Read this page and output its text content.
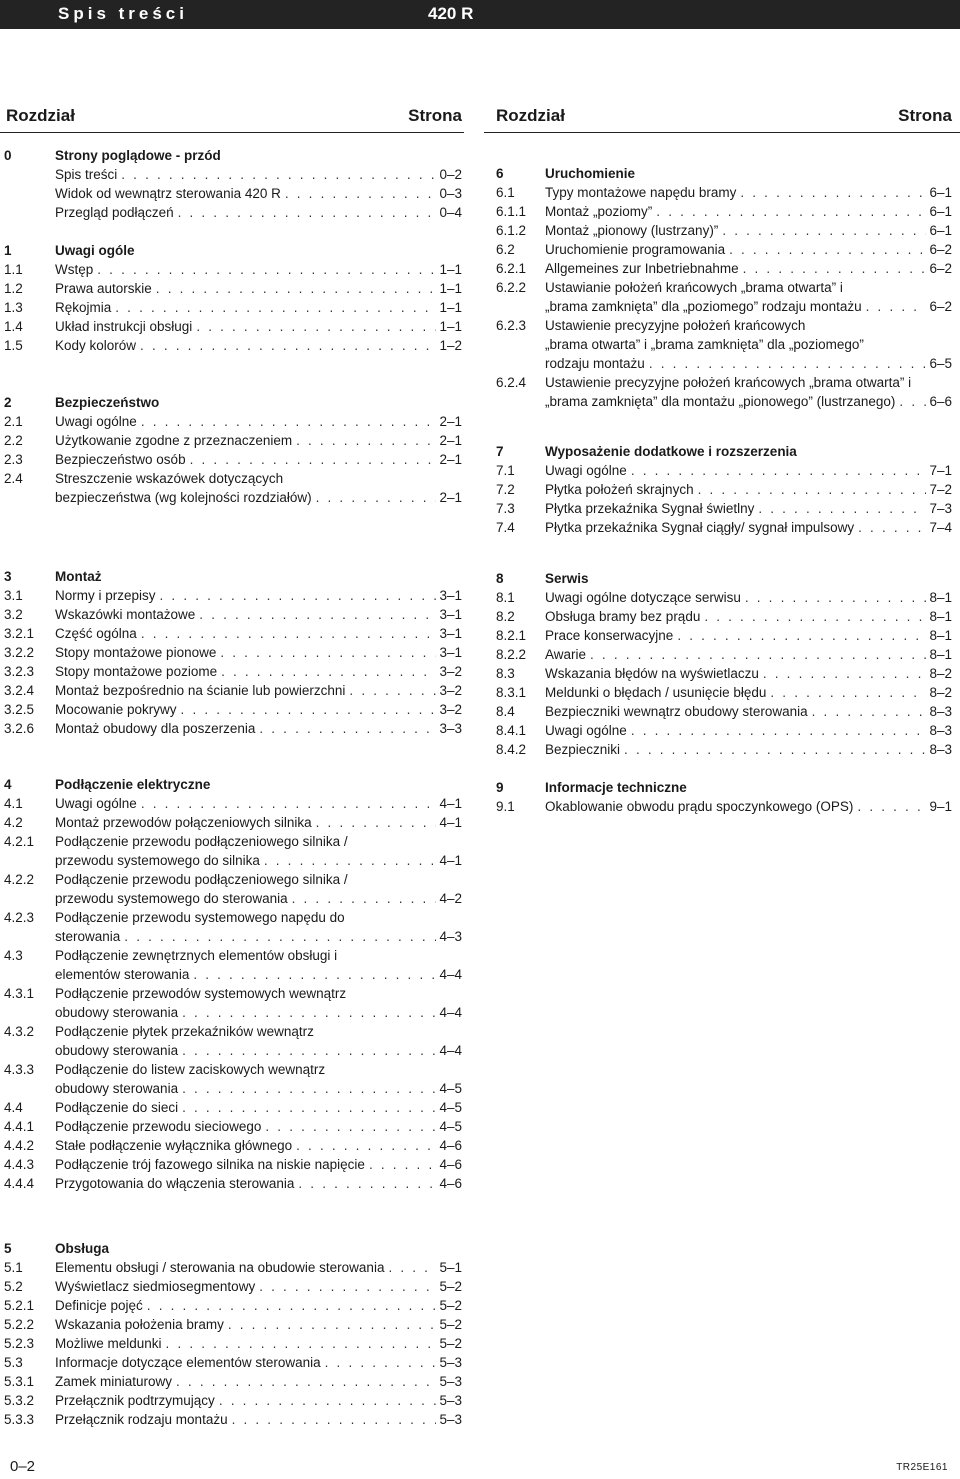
Spis treści	420 R
Rozdział	Strona Rozdział	Strona
0	Strony poglądowe - przód
Spis treści . . .	0–2
Widok od wewnątrz sterowania 420 R . . .	0–3
Przegląd podłączeń . . .	0–4
1	Uwagi ogóle
1.1 Wstęp . . .	1–1
1.2 Prawa autorskie . . .	1–1
1.3 Rękojmia . . .	1–1
1.4 Układ instrukcji obsługi . . .	1–1
1.5 Kody kolorów . . .	1–2
2	Bezpieczeństwo
2.1 Uwagi ogólne . . .	2–1
2.2 Użytkowanie zgodne z przeznaczeniem . . .	2–1
2.3 Bezpieczeństwo osób . . .	2–1
2.4 Streszczenie wskazówek dotyczących
bezpieczeństwa (wg kolejności rozdziałów) . . .	2–1
3	Montaż
3.1 Normy i przepisy . . .	3–1
3.2 Wskazówki montażowe . . .	3–1
3.2.1 Część ogólna . . .	3–1
3.2.2 Stopy montażowe pionowe . . .	3–1
3.2.3 Stopy montażowe poziome . . .	3–2
3.2.4 Montaż bezpośrednio na ścianie lub powierzchni . . .	3–2
3.2.5 Mocowanie pokrywy . . .	3–2
3.2.6 Montaż obudowy dla poszerzenia . . .	3–3
4	Podłączenie elektryczne
4.1 Uwagi ogólne . . .	4–1
4.2 Montaż przewodów połączeniowych silnika . . .	4–1
4.2.1 Podłączenie przewodu podłączeniowego silnika /
przewodu systemowego do silnika . . .	4–1
4.2.2 Podłączenie przewodu podłączeniowego silnika /
przewodu systemowego do sterowania . . .	4–2
4.2.3 Podłączenie przewodu systemowego napędu do
sterowania . . .	4–3
4.3 Podłączenie zewnętrznych elementów obsługi i
elementów sterowania . . .	4–4
4.3.1 Podłączenie przewodów systemowych wewnątrz
obudowy sterowania . . .	4–4
4.3.2 Podłączenie płytek przekaźników wewnątrz
obudowy sterowania . . .	4–4
4.3.3 Podłączenie do listew zaciskowych wewnątrz
obudowy sterowania . . .	4–5
4.4 Podłączenie do sieci . . .	4–5
4.4.1 Podłączenie przewodu sieciowego . . .	4–5
4.4.2 Stałe podłączenie wyłącznika głównego . . .	4–6
4.4.3 Podłączenie trój fazowego silnika na niskie napięcie . . .	4–6
4.4.4 Przygotowania do włączenia sterowania . . .	4–6
5	Obsługa
5.1 Elementu obsługi / sterowania na obudowie sterowania . . .	5–1
5.2 Wyświetlacz siedmiosegmentowy . . .	5–2
5.2.1 Definicje pojęć . . .	5–2
5.2.2 Wskazania położenia bramy . . .	5–2
5.2.3 Możliwe meldunki . . .	5–2
5.3 Informacje dotyczące elementów sterowania . . .	5–3
5.3.1 Zamek miniaturowy . . .	5–3
5.3.2 Przełącznik podtrzymujący . . .	5–3
5.3.3 Przełącznik rodzaju montażu . . .	5–3
6	Uruchomienie
6.1 Typy montażowe napędu bramy . . .	6–1
6.1.1 Montaż „poziomy” . . .	6–1
6.1.2 Montaż „pionowy (lustrzany)” . . .	6–1
6.2 Uruchomienie programowania . . .	6–2
6.2.1 Allgemeines zur Inbetriebnahme . . .	6–2
6.2.2 Ustawianie położeń krańcowych „brama otwarta” i
„brama zamknięta” dla „poziomego” rodzaju montażu . . .	6–2
6.2.3 Ustawienie precyzyjne położeń krańcowych
„brama otwarta” i „brama zamknięta” dla „poziomego”
rodzaju montażu . . .	6–5
6.2.4 Ustawienie precyzyjne położeń krańcowych „brama otwarta” i
„brama zamknięta” dla montażu „pionowego” (lustrzanego) . . .	6–6
7	Wyposażenie dodatkowe i rozszerzenia
7.1 Uwagi ogólne . . .	7–1
7.2 Płytka położeń skrajnych . . .	7–2
7.3 Płytka przekaźnika Sygnał świetlny . . .	7–3
7.4 Płytka przekaźnika Sygnał ciągły/ sygnał impulsowy . . .	7–4
8	Serwis
8.1 Uwagi ogólne dotyczące serwisu . . .	8–1
8.2 Obsługa bramy bez prądu . . .	8–1
8.2.1 Prace konserwacyjne . . .	8–1
8.2.2 Awarie . . .	8–1
8.3 Wskazania błędów na wyświetlaczu . . .	8–2
8.3.1 Meldunki o błędach / usunięcie błędu . . .	8–2
8.4 Bezpieczniki wewnątrz obudowy sterowania . . .	8–3
8.4.1 Uwagi ogólne . . .	8–3
8.4.2 Bezpieczniki . . .	8–3
9	Informacje techniczne
9.1 Okablowanie obwodu prądu spoczynkowego (OPS) . . .	9–1
0–2	TR25E161
